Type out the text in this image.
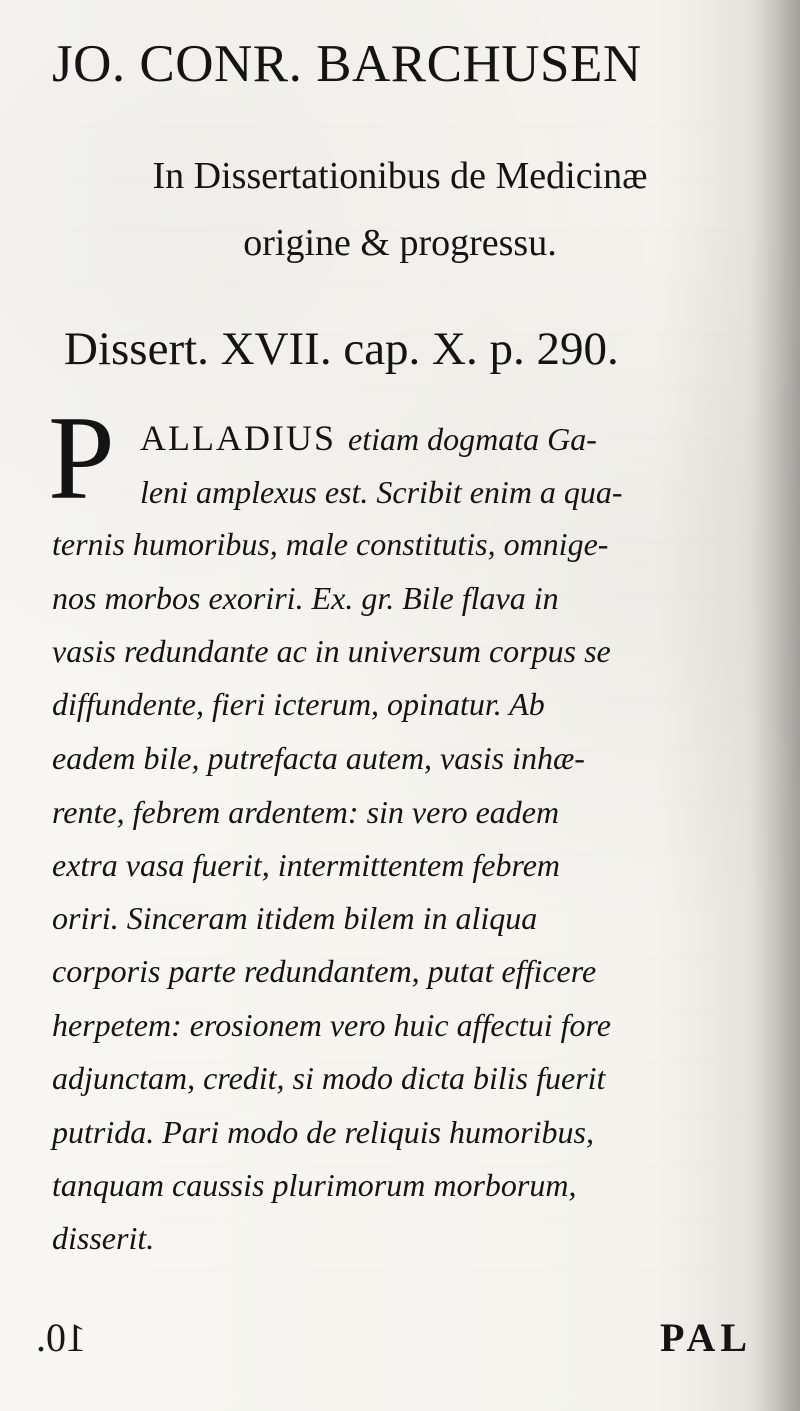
JO. CONR. BARCHUSEN
In Dissertationibus de Medicinæ
origine & progressu.
Dissert. XVII. cap. X. p. 290.
P ALLADIUS etiam dogmata Ga-
leni amplexus est. Scribit enim a qua-
ternis humoribus, male constitutis, omnige-
nos morbos exoriri. Ex. gr. Bile flava in
vasis redundante ac in universum corpus se
diffundente, fieri icterum, opinatur. Ab
eadem bile, putrefacta autem, vasis inhæ-
rente, febrem ardentem: sin vero eadem
extra vasa fuerit, intermittentem febrem
oriri. Sinceram itidem bilem in aliqua
corporis parte redundantem, putat efficere
herpetem: erosionem vero huic affectui fore
adjunctam, credit, si modo dicta bilis fuerit
putrida. Pari modo de reliquis humoribus,
tanquam caussis plurimorum morborum,
disserit.
10.	PAL
